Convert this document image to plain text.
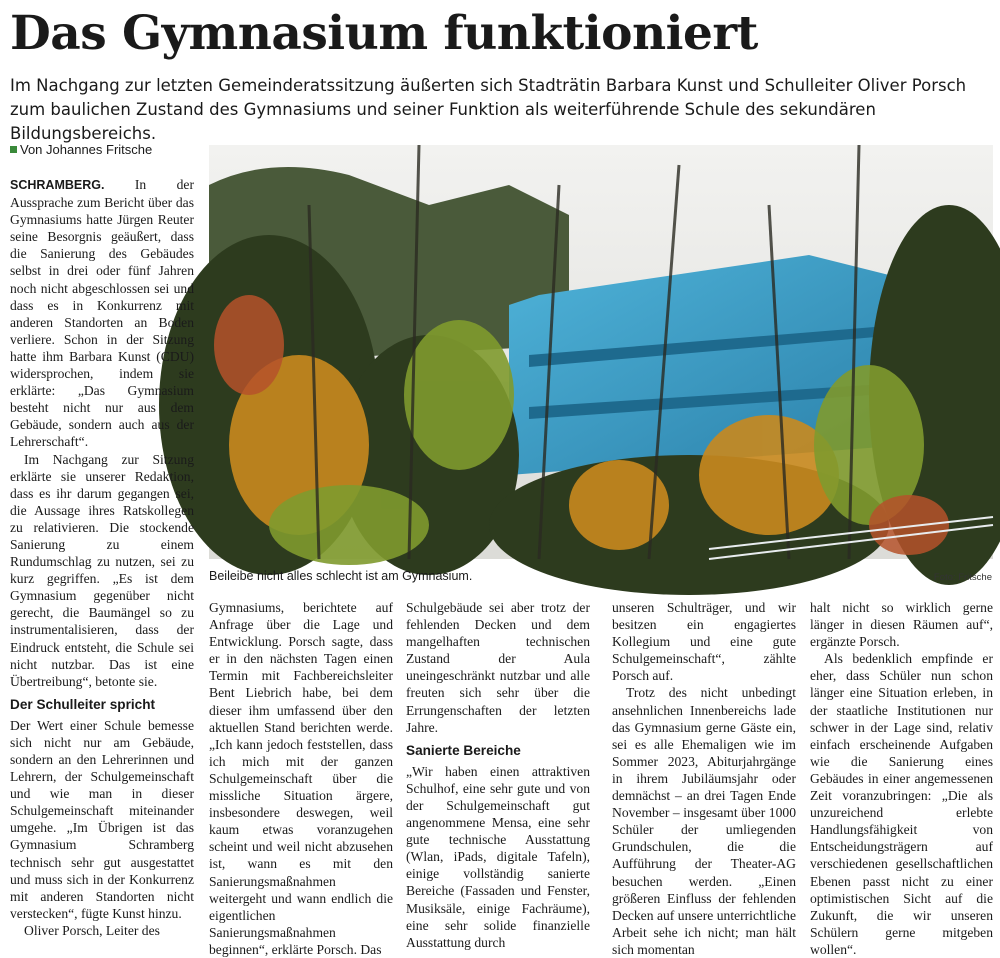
Das Gymnasium funktioniert

Im Nachgang zur letzten Gemeinderatssitzung äußerten sich Stadträtin Barbara Kunst und Schulleiter Oliver Porsch zum baulichen Zustand des Gymnasiums und seiner Funktion als weiterführende Schule des sekundären Bildungsbereichs.

Von Johannes Fritsche
Beileibe nicht alles schlecht ist am Gymnasium.	Foto: Fritsche

SCHRAMBERG. In der Aussprache zum Bericht über das Gymnasiums hatte Jürgen Reuter seine Besorgnis geäußert, dass die Sanierung des Gebäudes selbst in drei oder fünf Jahren noch nicht abgeschlossen sei und dass es in Konkurrenz mit anderen Standorten an Boden verliere. Schon in der Sitzung hatte ihm Barbara Kunst (CDU) widersprochen, indem sie erklärte: „Das Gymnasium besteht nicht nur aus dem Gebäude, sondern auch aus der Lehrerschaft“.

Im Nachgang zur Sitzung erklärte sie unserer Redaktion, dass es ihr darum gegangen sei, die Aussage ihres Ratskollegen zu relativieren. Die stockende Sanierung zu einem Rundumschlag zu nutzen, sei zu kurz gegriffen. „Es ist dem Gymnasium gegenüber nicht gerecht, die Baumängel so zu instrumentalisieren, dass der Eindruck entsteht, die Schule sei nicht nutzbar. Das ist eine Übertreibung“, betonte sie.

Der Schulleiter spricht

Der Wert einer Schule bemesse sich nicht nur am Gebäude, sondern an den Lehrerinnen und Lehrern, der Schulgemeinschaft und wie man in dieser Schulgemeinschaft miteinander umgehe. „Im Übrigen ist das Gymnasium Schramberg technisch sehr gut ausgestattet und muss sich in der Konkurrenz mit anderen Standorten nicht verstecken“, fügte Kunst hinzu.

Oliver Porsch, Leiter des

Gymnasiums, berichtete auf Anfrage über die Lage und Entwicklung. Porsch sagte, dass er in den nächsten Tagen einen Termin mit Fachbereichsleiter Bent Liebrich habe, bei dem dieser ihm umfassend über den aktuellen Stand berichten werde. „Ich kann jedoch feststellen, dass ich mich mit der ganzen Schulgemeinschaft über die missliche Situation ärgere, insbesondere deswegen, weil kaum etwas voranzugehen scheint und weil nicht abzusehen ist, wann es mit den Sanierungsmaßnahmen weitergeht und wann endlich die eigentlichen Sanierungsmaßnahmen beginnen“, erklärte Porsch. Das

Schulgebäude sei aber trotz der fehlenden Decken und dem mangelhaften technischen Zustand der Aula uneingeschränkt nutzbar und alle freuten sich sehr über die Errungenschaften der letzten Jahre.

Sanierte Bereiche

„Wir haben einen attraktiven Schulhof, eine sehr gute und von der Schulgemeinschaft gut angenommene Mensa, eine sehr gute technische Ausstattung (Wlan, iPads, digitale Tafeln), einige vollständig sanierte Bereiche (Fassaden und Fenster, Musiksäle, einige Fachräume), eine sehr solide finanzielle Ausstattung durch

unseren Schulträger, und wir besitzen ein engagiertes Kollegium und eine gute Schulgemeinschaft“, zählte Porsch auf.

Trotz des nicht unbedingt ansehnlichen Innenbereichs lade das Gymnasium gerne Gäste ein, sei es alle Ehemaligen wie im Sommer 2023, Abiturjahrgänge in ihrem Jubiläumsjahr oder demnächst – an drei Tagen Ende November – insgesamt über 1000 Schüler der umliegenden Grundschulen, die die Aufführung der Theater-AG besuchen werden. „Einen größeren Einfluss der fehlenden Decken auf unsere unterrichtliche Arbeit sehe ich nicht; man hält sich momentan

halt nicht so wirklich gerne länger in diesen Räumen auf“, ergänzte Porsch.

Als bedenklich empfinde er eher, dass Schüler nun schon länger eine Situation erleben, in der staatliche Institutionen nur schwer in der Lage sind, relativ einfach erscheinende Aufgaben wie die Sanierung eines Gebäudes in einer angemessenen Zeit voranzubringen: „Die als unzureichend erlebte Handlungsfähigkeit von Entscheidungsträgern auf verschiedenen gesellschaftlichen Ebenen passt nicht zu einer optimistischen Sicht auf die Zukunft, die wir unseren Schülern gerne mitgeben wollen“.
